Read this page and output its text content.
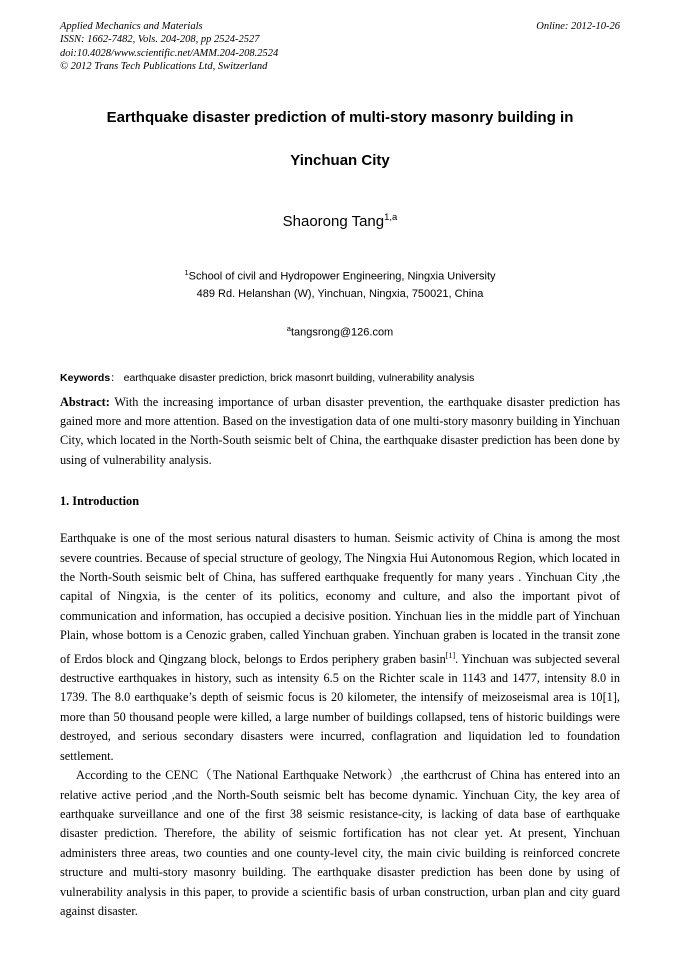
Applied Mechanics and Materials
ISSN: 1662-7482, Vols. 204-208, pp 2524-2527
doi:10.4028/www.scientific.net/AMM.204-208.2524
© 2012 Trans Tech Publications Ltd, Switzerland
Online: 2012-10-26
Earthquake disaster prediction of multi-story masonry building in
Yinchuan City
Shaorong Tang$^{1,a}$
$^1$School of civil and Hydropower Engineering, Ningxia University
489 Rd. Helanshan (W), Yinchuan, Ningxia, 750021, China
$^a$tangsrong@126.com
Keywords： earthquake disaster prediction, brick masonrt building, vulnerability analysis
Abstract: With the increasing importance of urban disaster prevention, the earthquake disaster prediction has gained more and more attention. Based on the investigation data of one multi-story masonry building in Yinchuan City, which located in the North-South seismic belt of China, the earthquake disaster prediction has been done by using of vulnerability analysis.
1. Introduction

Earthquake is one of the most serious natural disasters to human. Seismic activity of China is among the most severe countries. Because of special structure of geology, The Ningxia Hui Autonomous Region, which located in the North-South seismic belt of China, has suffered earthquake frequently for many years . Yinchuan City ,the capital of Ningxia, is the center of its politics, economy and culture, and also the important pivot of communication and information, has occupied a decisive position. Yinchuan lies in the middle part of Yinchuan Plain, whose bottom is a Cenozic graben, called Yinchuan graben. Yinchuan graben is located in the transit zone of Erdos block and Qingzang block, belongs to Erdos periphery graben basin[1]. Yinchuan was subjected several destructive earthquakes in history, such as intensity 6.5 on the Richter scale in 1143 and 1477, intensity 8.0 in 1739. The 8.0 earthquake’s depth of seismic focus is 20 kilometer, the intensify of meizoseismal area is 10[1], more than 50 thousand people were killed, a large number of buildings collapsed, tens of historic buildings were destroyed, and serious secondary disasters were incurred, conflagration and liquidation led to foundation settlement.

According to the CENC（The National Earthquake Network）,the earthcrust of China has entered into an relative active period ,and the North-South seismic belt has become dynamic. Yinchuan City, the key area of earthquake surveillance and one of the first 38 seismic resistance-city, is lacking of data base of earthquake disaster prediction. Therefore, the ability of seismic fortification has not clear yet. At present, Yinchuan administers three areas, two counties and one county-level city, the main civic building is reinforced concrete structure and multi-story masonry building. The earthquake disaster prediction has been done by using of vulnerability analysis in this paper, to provide a scientific basis of urban construction, urban plan and city guard against disaster.
